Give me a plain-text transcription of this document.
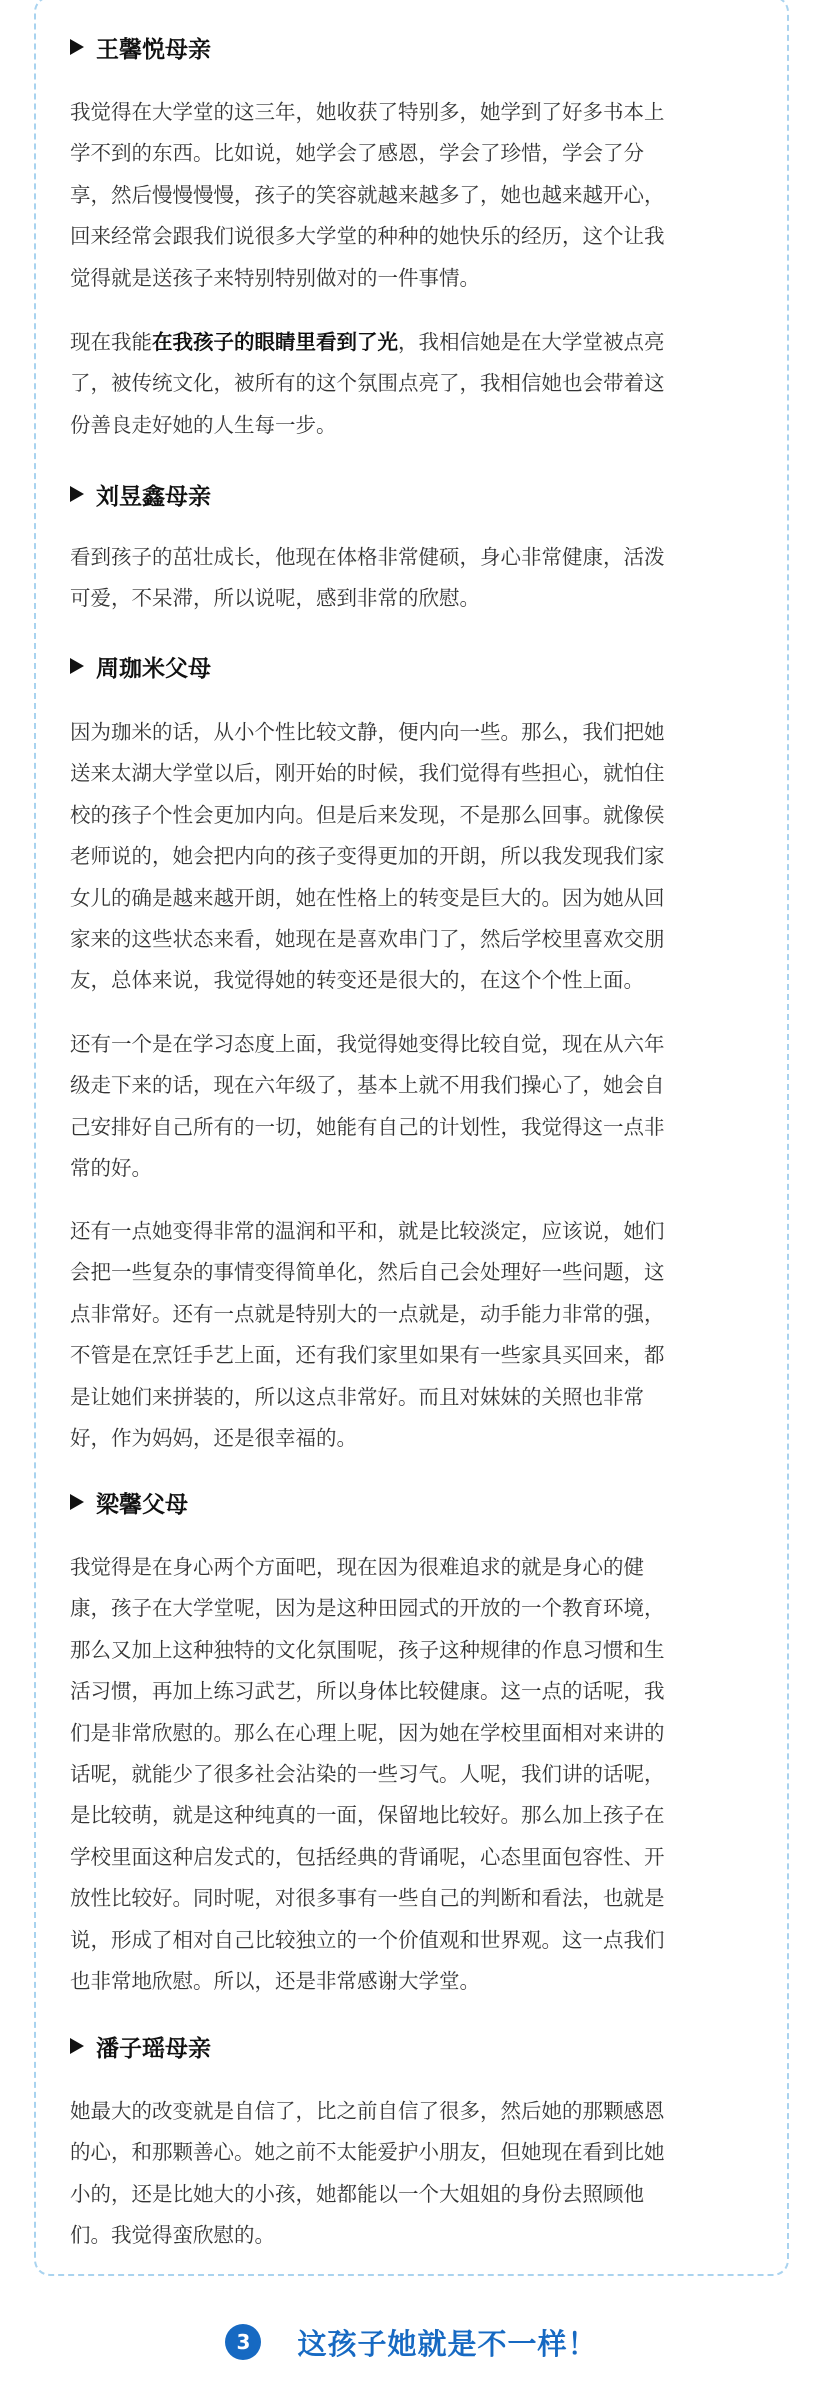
王馨悦母亲

我觉得在大学堂的这三年，她收获了特别多，她学到了好多书本上
学不到的东西。比如说，她学会了感恩，学会了珍惜，学会了分
享，然后慢慢慢慢，孩子的笑容就越来越多了，她也越来越开心，
回来经常会跟我们说很多大学堂的种种的她快乐的经历，这个让我
觉得就是送孩子来特别特别做对的一件事情。

现在我能在我孩子的眼睛里看到了光，我相信她是在大学堂被点亮
了，被传统文化，被所有的这个氛围点亮了，我相信她也会带着这
份善良走好她的人生每一步。

刘昱鑫母亲

看到孩子的茁壮成长，他现在体格非常健硕，身心非常健康，活泼
可爱，不呆滞，所以说呢，感到非常的欣慰。

周珈米父母

因为珈米的话，从小个性比较文静，便内向一些。那么，我们把她
送来太湖大学堂以后，刚开始的时候，我们觉得有些担心，就怕住
校的孩子个性会更加内向。但是后来发现，不是那么回事。就像侯
老师说的，她会把内向的孩子变得更加的开朗，所以我发现我们家
女儿的确是越来越开朗，她在性格上的转变是巨大的。因为她从回
家来的这些状态来看，她现在是喜欢串门了，然后学校里喜欢交朋
友，总体来说，我觉得她的转变还是很大的，在这个个性上面。

还有一个是在学习态度上面，我觉得她变得比较自觉，现在从六年
级走下来的话，现在六年级了，基本上就不用我们操心了，她会自
己安排好自己所有的一切，她能有自己的计划性，我觉得这一点非
常的好。

还有一点她变得非常的温润和平和，就是比较淡定，应该说，她们
会把一些复杂的事情变得简单化，然后自己会处理好一些问题，这
点非常好。还有一点就是特别大的一点就是，动手能力非常的强，
不管是在烹饪手艺上面，还有我们家里如果有一些家具买回来，都
是让她们来拼装的，所以这点非常好。而且对妹妹的关照也非常
好，作为妈妈，还是很幸福的。

梁馨父母

我觉得是在身心两个方面吧，现在因为很难追求的就是身心的健
康，孩子在大学堂呢，因为是这种田园式的开放的一个教育环境，
那么又加上这种独特的文化氛围呢，孩子这种规律的作息习惯和生
活习惯，再加上练习武艺，所以身体比较健康。这一点的话呢，我
们是非常欣慰的。那么在心理上呢，因为她在学校里面相对来讲的
话呢，就能少了很多社会沾染的一些习气。人呢，我们讲的话呢，
是比较萌，就是这种纯真的一面，保留地比较好。那么加上孩子在
学校里面这种启发式的，包括经典的背诵呢，心态里面包容性、开
放性比较好。同时呢，对很多事有一些自己的判断和看法，也就是
说，形成了相对自己比较独立的一个价值观和世界观。这一点我们
也非常地欣慰。所以，还是非常感谢大学堂。

潘子瑶母亲

她最大的改变就是自信了，比之前自信了很多，然后她的那颗感恩
的心，和那颗善心。她之前不太能爱护小朋友，但她现在看到比她
小的，还是比她大的小孩，她都能以一个大姐姐的身份去照顾他
们。我觉得蛮欣慰的。

3	这孩子她就是不一样！
